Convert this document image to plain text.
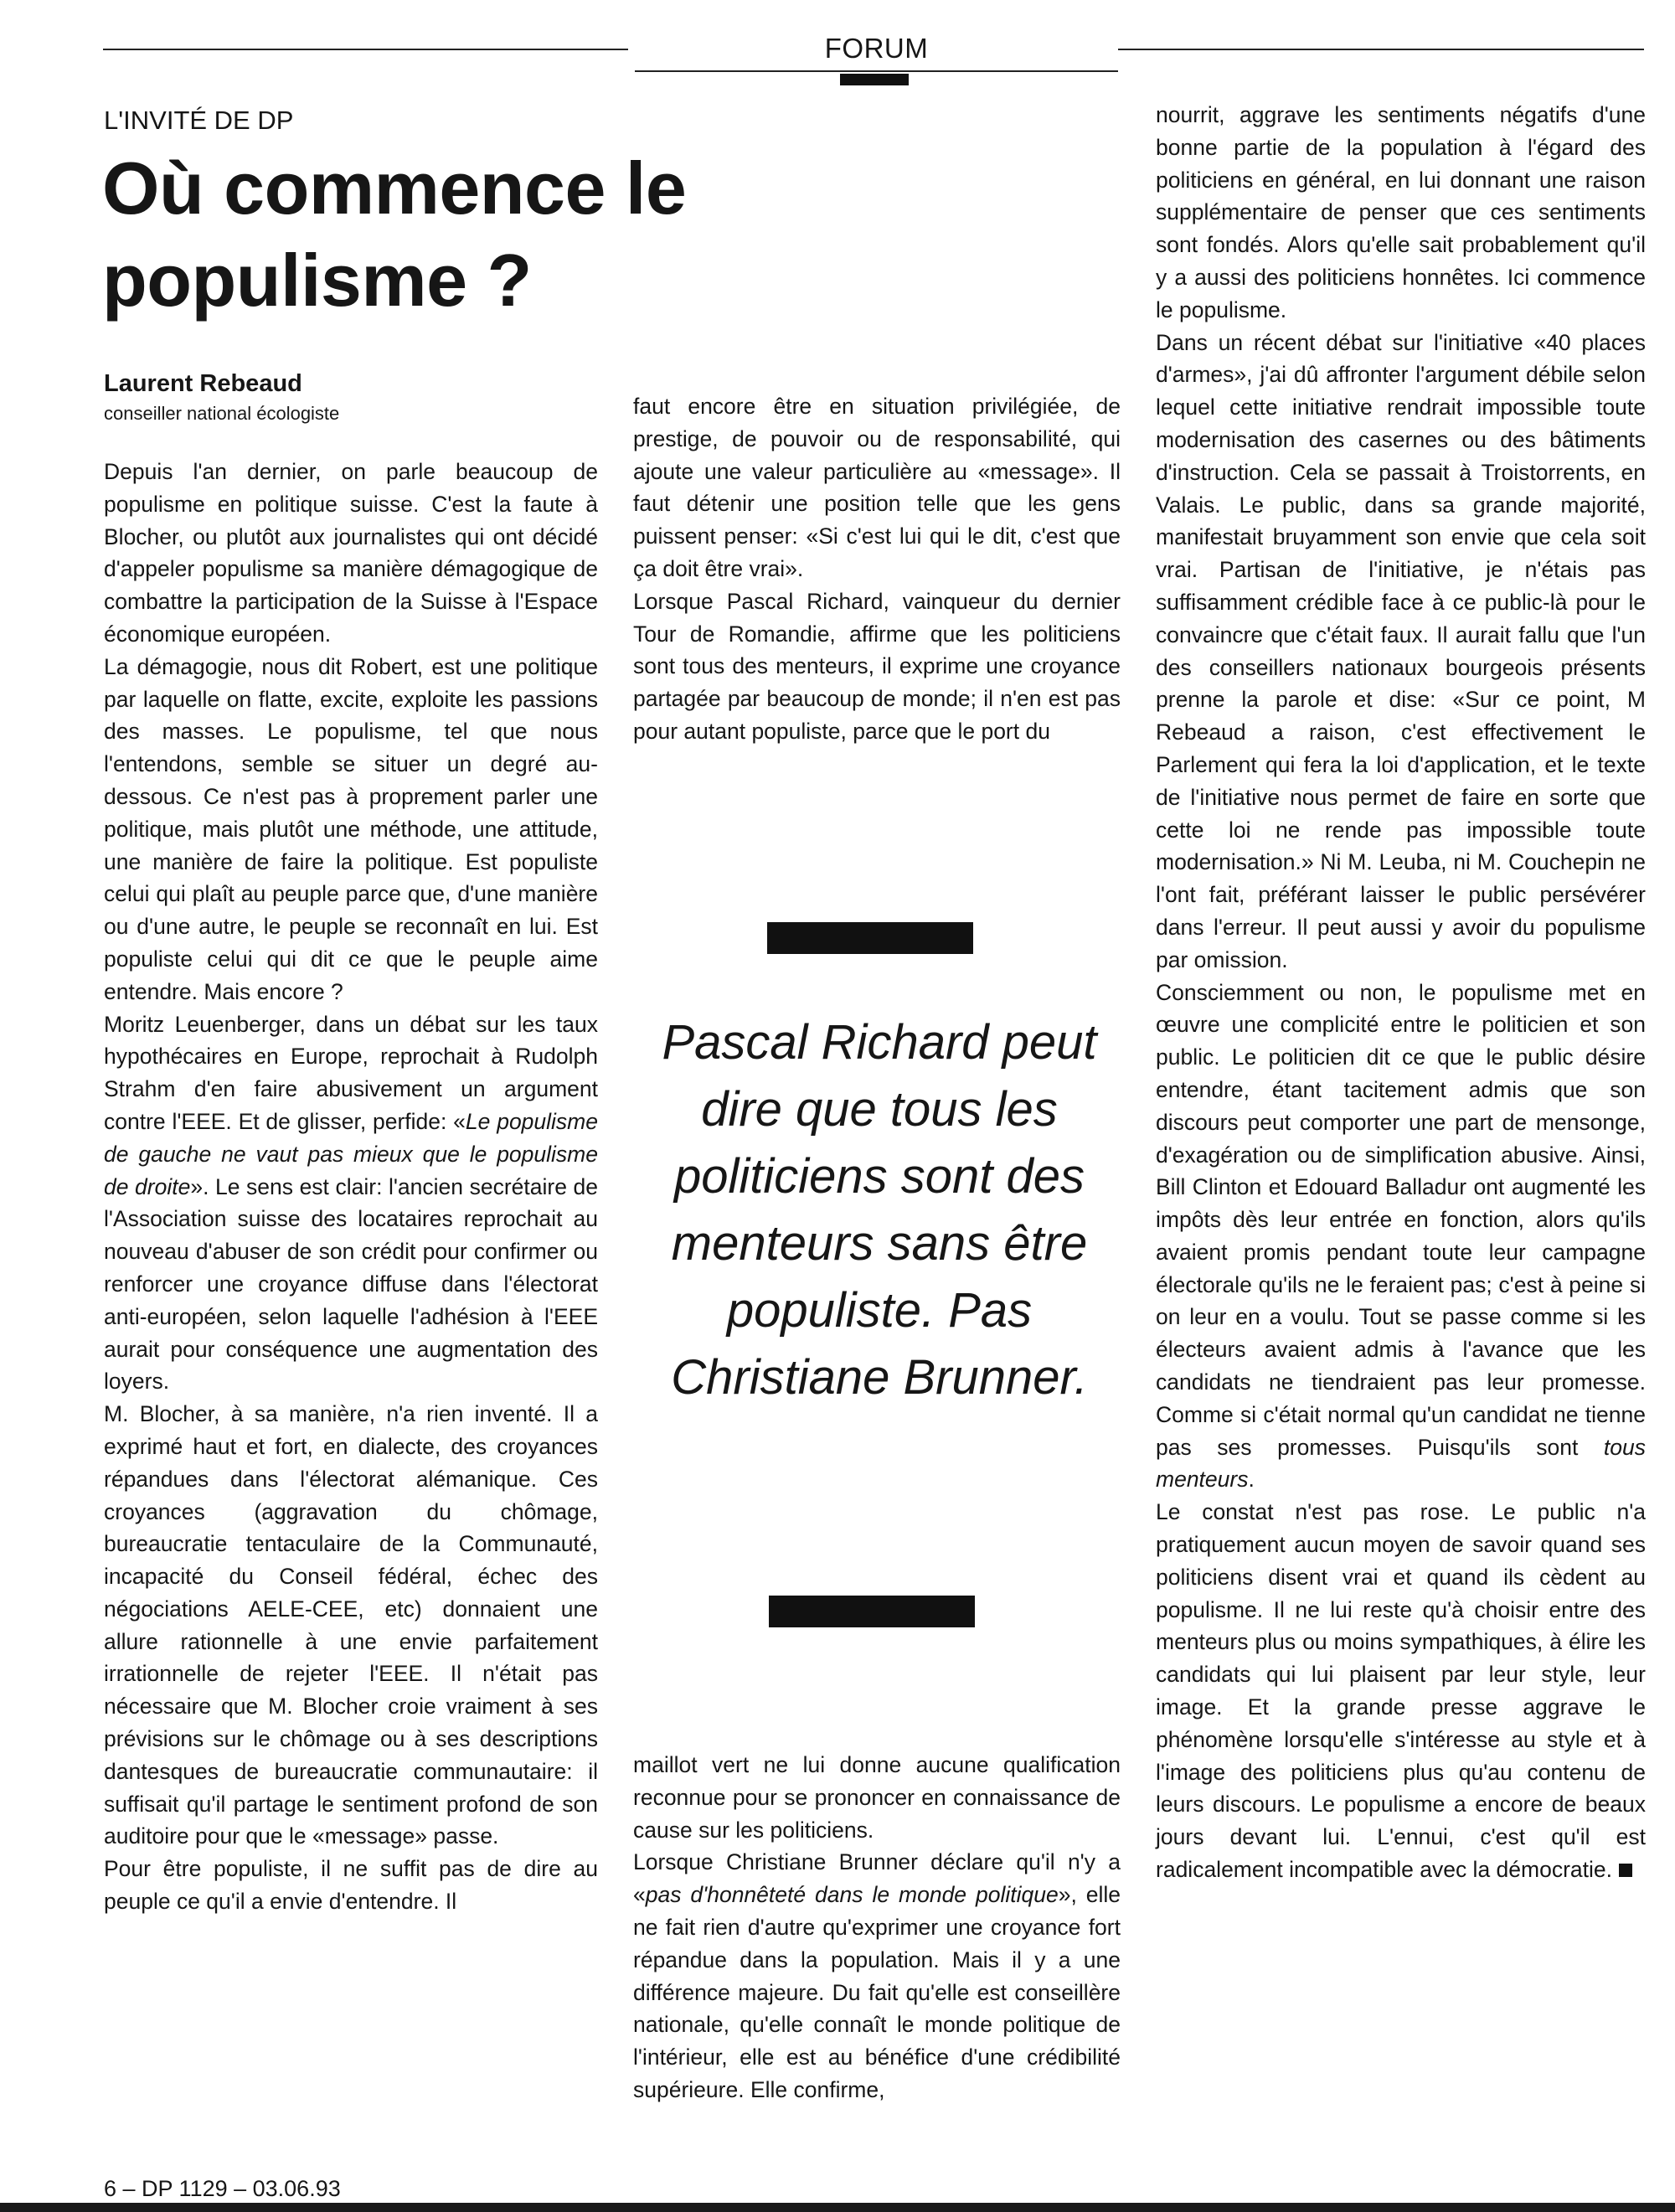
FORUM
L'INVITÉ DE DP
Où commence le populisme ?
Laurent Rebeaud
conseiller national écologiste

Depuis l'an dernier, on parle beaucoup de populisme en politique suisse. C'est la faute à Blocher, ou plutôt aux journalistes qui ont décidé d'appeler populisme sa manière démagogique de combattre la participation de la Suisse à l'Espace économique européen.

La démagogie, nous dit Robert, est une politique par laquelle on flatte, excite, exploite les passions des masses. Le populisme, tel que nous l'entendons, semble se situer un degré au-dessous. Ce n'est pas à proprement parler une politique, mais plutôt une méthode, une attitude, une manière de faire la politique. Est populiste celui qui plaît au peuple parce que, d'une manière ou d'une autre, le peuple se reconnaît en lui. Est populiste celui qui dit ce que le peuple aime entendre. Mais encore ?

Moritz Leuenberger, dans un débat sur les taux hypothécaires en Europe, reprochait à Rudolph Strahm d'en faire abusivement un argument contre l'EEE. Et de glisser, perfide: «Le populisme de gauche ne vaut pas mieux que le populisme de droite». Le sens est clair: l'ancien secrétaire de l'Association suisse des locataires reprochait au nouveau d'abuser de son crédit pour confirmer ou renforcer une croyance diffuse dans l'électorat anti-européen, selon laquelle l'adhésion à l'EEE aurait pour conséquence une augmentation des loyers.

M. Blocher, à sa manière, n'a rien inventé. Il a exprimé haut et fort, en dialecte, des croyances répandues dans l'électorat alémanique. Ces croyances (aggravation du chômage, bureaucratie tentaculaire de la Communauté, incapacité du Conseil fédéral, échec des négociations AELE-CEE, etc) donnaient une allure rationnelle à une envie parfaitement irrationnelle de rejeter l'EEE. Il n'était pas nécessaire que M. Blocher croie vraiment à ses prévisions sur le chômage ou à ses descriptions dantesques de bureaucratie communautaire: il suffisait qu'il partage le sentiment profond de son auditoire pour que le «message» passe.

Pour être populiste, il ne suffit pas de dire au peuple ce qu'il a envie d'entendre. Il

faut encore être en situation privilégiée, de prestige, de pouvoir ou de responsabilité, qui ajoute une valeur particulière au «message». Il faut détenir une position telle que les gens puissent penser: «Si c'est lui qui le dit, c'est que ça doit être vrai».

Lorsque Pascal Richard, vainqueur du dernier Tour de Romandie, affirme que les politiciens sont tous des menteurs, il exprime une croyance partagée par beaucoup de monde; il n'en est pas pour autant populiste, parce que le port du

Pascal Richard peut dire que tous les politiciens sont des menteurs sans être populiste. Pas Christiane Brunner.

maillot vert ne lui donne aucune qualification reconnue pour se prononcer en connaissance de cause sur les politiciens.

Lorsque Christiane Brunner déclare qu'il n'y a «pas d'honnêteté dans le monde politique», elle ne fait rien d'autre qu'exprimer une croyance fort répandue dans la population. Mais il y a une différence majeure. Du fait qu'elle est conseillère nationale, qu'elle connaît le monde politique de l'intérieur, elle est au bénéfice d'une crédibilité supérieure. Elle confirme,

nourrit, aggrave les sentiments négatifs d'une bonne partie de la population à l'égard des politiciens en général, en lui donnant une raison supplémentaire de penser que ces sentiments sont fondés. Alors qu'elle sait probablement qu'il y a aussi des politiciens honnêtes. Ici commence le populisme.

Dans un récent débat sur l'initiative «40 places d'armes», j'ai dû affronter l'argument débile selon lequel cette initiative rendrait impossible toute modernisation des casernes ou des bâtiments d'instruction. Cela se passait à Troistorrents, en Valais. Le public, dans sa grande majorité, manifestait bruyamment son envie que cela soit vrai. Partisan de l'initiative, je n'étais pas suffisamment crédible face à ce public-là pour le convaincre que c'était faux. Il aurait fallu que l'un des conseillers nationaux bourgeois présents prenne la parole et dise: «Sur ce point, M Rebeaud a raison, c'est effectivement le Parlement qui fera la loi d'application, et le texte de l'initiative nous permet de faire en sorte que cette loi ne rende pas impossible toute modernisation.» Ni M. Leuba, ni M. Couchepin ne l'ont fait, préférant laisser le public persévérer dans l'erreur. Il peut aussi y avoir du populisme par omission.

Consciemment ou non, le populisme met en œuvre une complicité entre le politicien et son public. Le politicien dit ce que le public désire entendre, étant tacitement admis que son discours peut comporter une part de mensonge, d'exagération ou de simplification abusive. Ainsi, Bill Clinton et Edouard Balladur ont augmenté les impôts dès leur entrée en fonction, alors qu'ils avaient promis pendant toute leur campagne électorale qu'ils ne le feraient pas; c'est à peine si on leur en a voulu. Tout se passe comme si les électeurs avaient admis à l'avance que les candidats ne tiendraient pas leur promesse. Comme si c'était normal qu'un candidat ne tienne pas ses promesses. Puisqu'ils sont tous menteurs.

Le constat n'est pas rose. Le public n'a pratiquement aucun moyen de savoir quand ses politiciens disent vrai et quand ils cèdent au populisme. Il ne lui reste qu'à choisir entre des menteurs plus ou moins sympathiques, à élire les candidats qui lui plaisent par leur style, leur image. Et la grande presse aggrave le phénomène lorsqu'elle s'intéresse au style et à l'image des politiciens plus qu'au contenu de leurs discours. Le populisme a encore de beaux jours devant lui. L'ennui, c'est qu'il est radicalement incompatible avec la démocratie.

6 – DP 1129 – 03.06.93
